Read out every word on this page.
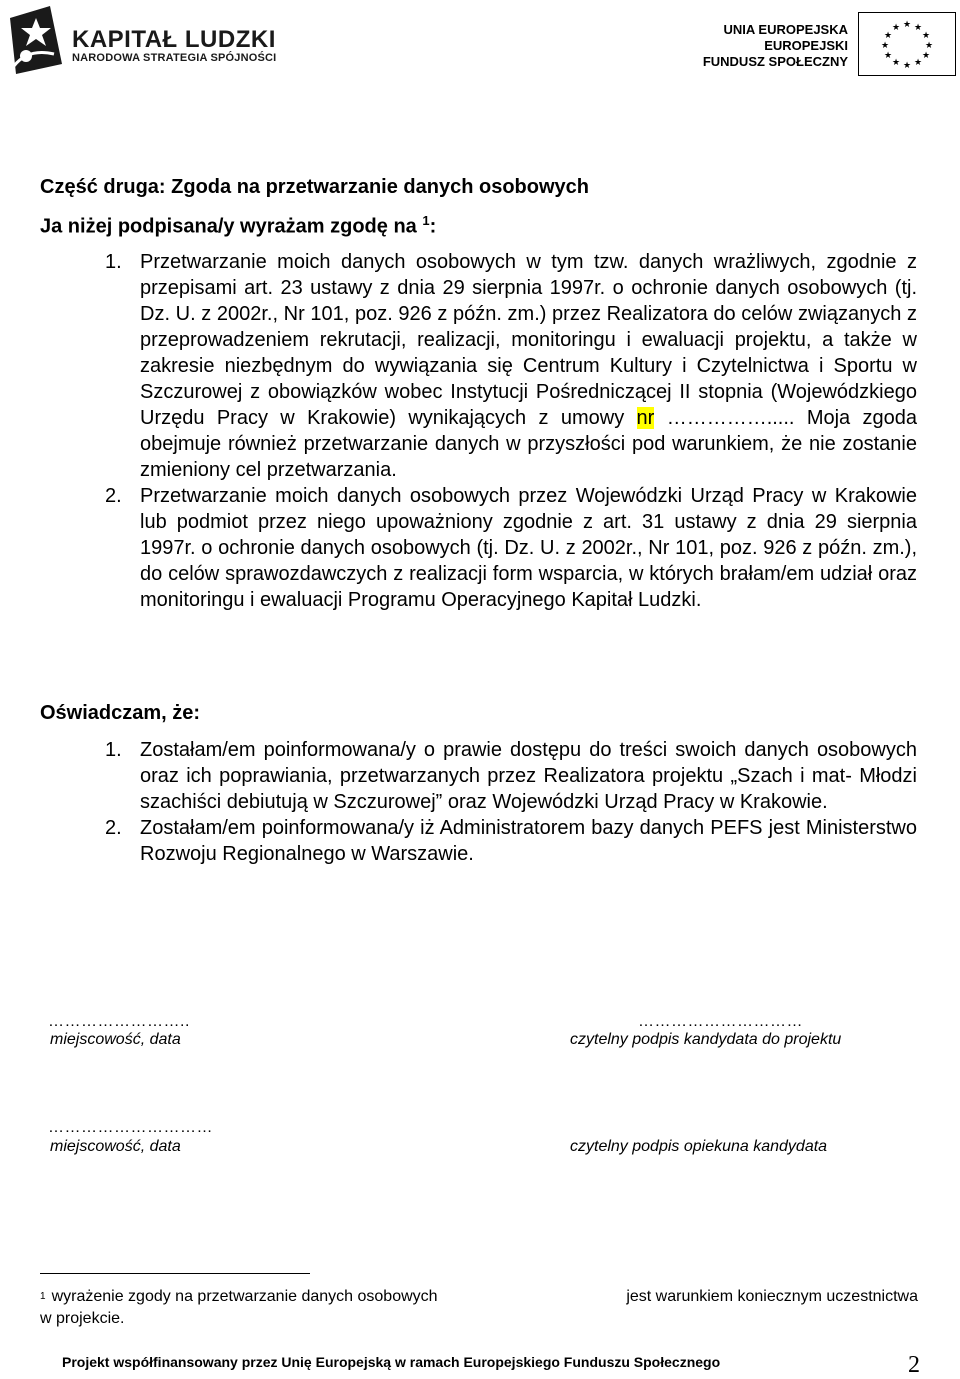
KAPITAŁ LUDZKI
NARODOWA STRATEGIA SPÓJNOŚCI
UNIA EUROPEJSKA
EUROPEJSKI
FUNDUSZ SPOŁECZNY
★ ★
★
★
★
★
★
★
★
★
★
★
Część druga: Zgoda na przetwarzanie danych osobowych
Ja niżej podpisana/y wyrażam zgodę na $^1$:
1. Przetwarzanie moich danych osobowych w tym tzw. danych wrażliwych, zgodnie z przepisami art. 23 ustawy z dnia 29 sierpnia 1997r. o ochronie danych osobowych (tj. Dz. U. z 2002r., Nr 101, poz. 926 z późn. zm.) przez Realizatora do celów związanych z przeprowadzeniem rekrutacji, realizacji, monitoringu i ewaluacji projektu, a także w zakresie niezbędnym do wywiązania się Centrum Kultury i Czytelnictwa i Sportu w Szczurowej z obowiązków wobec Instytucji Pośredniczącej II stopnia (Wojewódzkiego Urzędu Pracy w Krakowie) wynikających z umowy nr ……………..... Moja zgoda obejmuje również przetwarzanie danych w przyszłości pod warunkiem, że nie zostanie zmieniony cel przetwarzania.
2. Przetwarzanie moich danych osobowych przez Wojewódzki Urząd Pracy w Krakowie lub podmiot przez niego upoważniony zgodnie z art. 31 ustawy z dnia 29 sierpnia 1997r. o ochronie danych osobowych (tj. Dz. U. z 2002r., Nr 101, poz. 926 z późn. zm.), do celów sprawozdawczych z realizacji form wsparcia, w których brałam/em udział oraz monitoringu i ewaluacji Programu Operacyjnego Kapitał Ludzki.
Oświadczam, że:
1. Zostałam/em poinformowana/y o prawie dostępu do treści swoich danych osobowych oraz ich poprawiania, przetwarzanych przez Realizatora projektu „Szach i mat- Młodzi szachiści debiutują w Szczurowej” oraz Wojewódzki Urząd Pracy w Krakowie.
2. Zostałam/em poinformowana/y iż Administratorem bazy danych PEFS jest Ministerstwo Rozwoju Regionalnego w Warszawie.
……………………..
miejscowość, data
…………………………
czytelny podpis kandydata do projektu
…………………………
miejscowość, data	czytelny podpis opiekuna kandydata
$^1$ wyrażenie zgody na przetwarzanie danych osobowych	jest warunkiem koniecznym uczestnictwa
w projekcie.
Projekt współfinansowany przez Unię Europejską w ramach Europejskiego Funduszu Społecznego	2
